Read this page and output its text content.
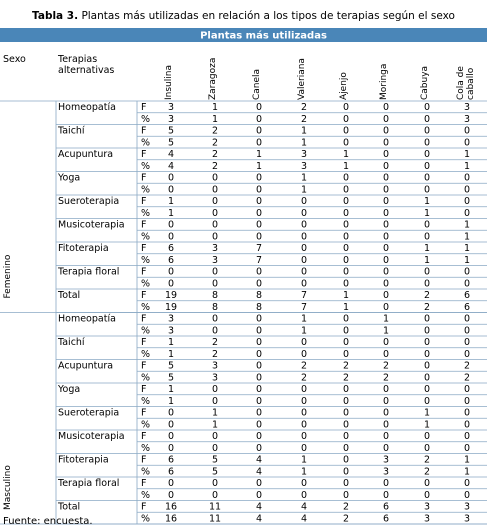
Tabla 3. Plantas más utilizadas en relación a los tipos de terapias según el sexo
Plantas más utilizadas
Sexo	Terapias alternativas	Insulina	Zaragoza	Canela	Valeriana	Ajenjo	Moringa	Cabuya	Cola decaballo
Homeopatía	F 3	1	0	2	0	0	0	3
% 3	1	0	2	0	0	0	3
Taichí	F 5	2	0	1	0	0	0	0
% 5	2	0	1	0	0	0	0
Acupuntura	F 4	2	1	3	1	0	0	1
% 4	2	1	3	1	0	0	1
Yoga	F 0	0	0	1	0	0	0	0
% 0	0	0	1	0	0	0	0
Sueroterapia F 1	0	0	0	0	0	1	0
% 1	0	0	0	0	0	1	0
Musicoterapia F 0	0	0	0	0	0	0	1
% 0	0	0	0	0	0	0	1
Fitoterapia	F 6	3	7	0	0	0	1	1
% 6	3	7	0	0	0	1	1
Terapia floral F 0	0	0	0	0	0	0	0
% 0	0	0	0	0	0	0	0
Total	F 19	8	8	7	1	0	2	6
% 19	8	8	7	1	0	2	6
Femenino
Homeopatía	F 3	0	0	1	0	1	0	0
% 3	0	0	1	0	1	0	0
Taichí	F 1	2	0	0	0	0	0	0
% 1	2	0	0	0	0	0	0
Acupuntura	F 5	3	0	2	2	2	0	2
% 5	3	0	2	2	2	0	2
Yoga	F 1	0	0	0	0	0	0	0
% 1	0	0	0	0	0	0	0
Sueroterapia F 0	1	0	0	0	0	1	0
% 0	1	0	0	0	0	1	0
Musicoterapia F 0	0	0	0	0	0	0	0
% 0	0	0	0	0	0	0	0
Fitoterapia	F 6	5	4	1	0	3	2	1
% 6	5	4	1	0	3	2	1
Terapia floral F 0	0	0	0	0	0	0	0
% 0	0	0	0	0	0	0	0
Total	F 16	11	4	4	2	6	3	3
% 16	11	4	4	2	6	3	3
Masculino
Fuente: encuesta.
